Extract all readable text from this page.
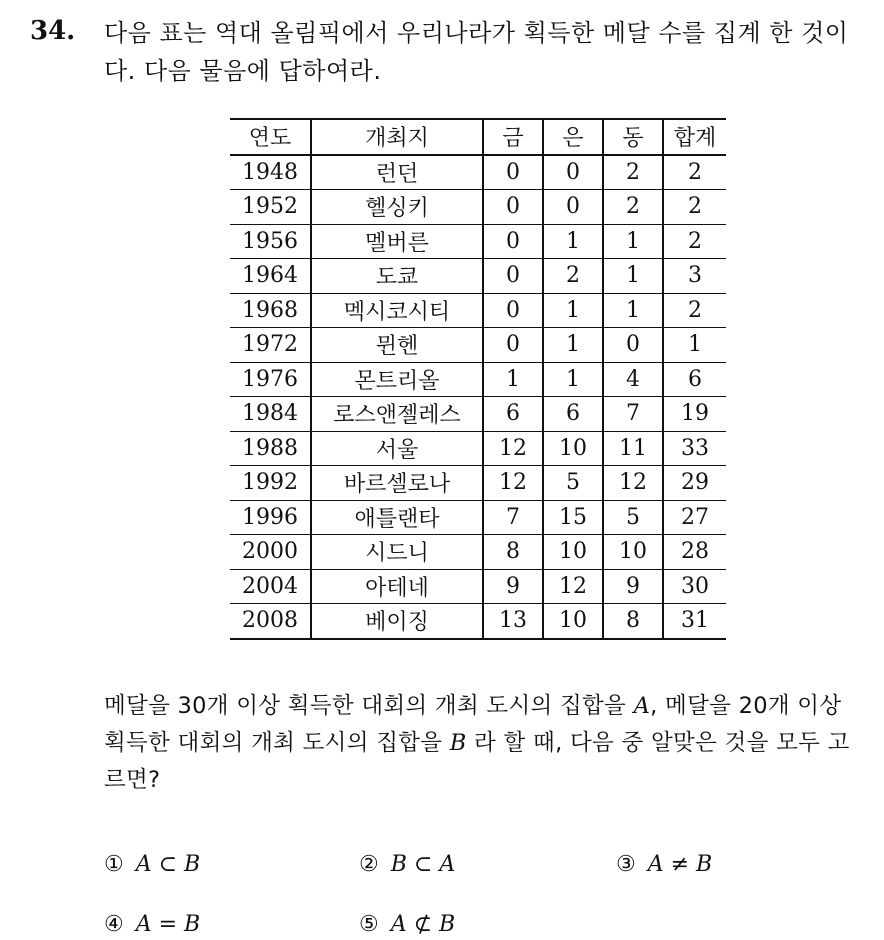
34. 다음 표는 역대 올림픽에서 우리나라가 획득한 메달 수를 집계 한 것이다. 다음 물음에 답하여라.
연도	개최지	금	은	동	합계
1948	런던	0	0	2	2
1952	헬싱키	0	0	2	2
1956	멜버른	0	1	1	2
1964	도쿄	0	2	1	3
1968	멕시코시티	0	1	1	2
1972	뮌헨	0	1	0	1
1976	몬트리올	1	1	4	6
1984	로스앤젤레스	6	6	7	19
1988	서울	12	10	11	33
1992	바르셀로나	12	5	12	29
1996	애틀랜타	7	15	5	27
2000	시드니	8	10	10	28
2004	아테네	9	12	9	30
2008	베이징	13	10	8	31
메달을 30개 이상 획득한 대회의 개최 도시의 집합을 A, 메달을 20개 이상 획득한 대회의 개최 도시의 집합을 B 라 할 때, 다음 중 알맞은 것을 모두 고르면?
① A ⊂ B	② B ⊂ A	③ A ≠ B
④ A = B	⑤ A ⊄ B
